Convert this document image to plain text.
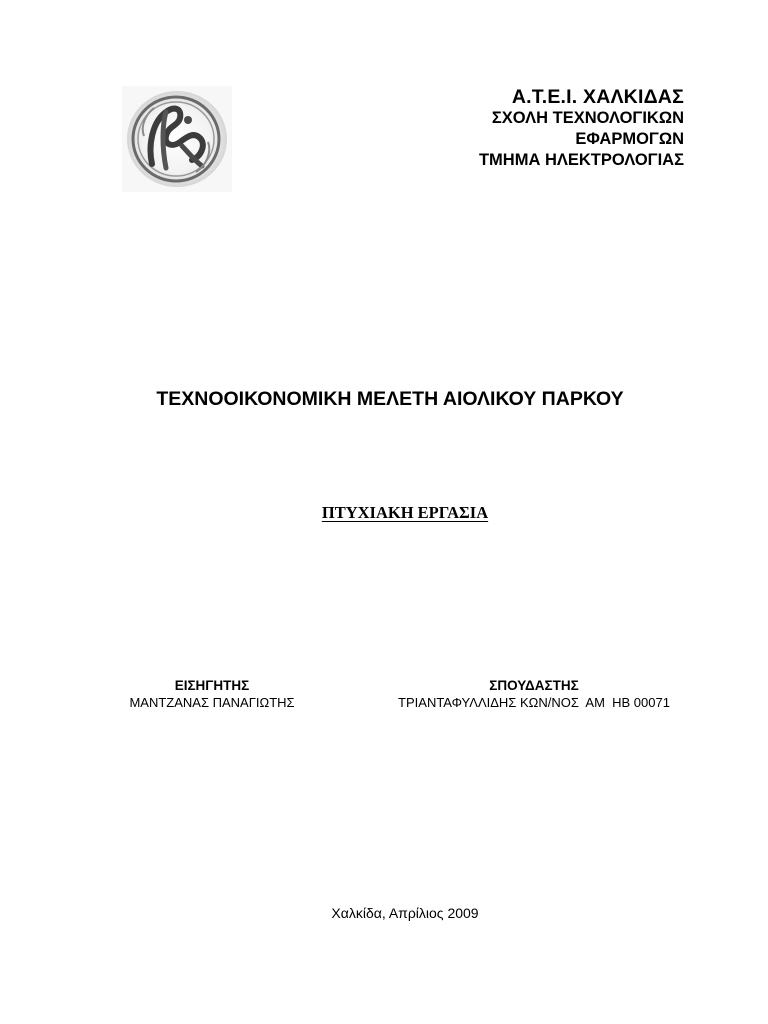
Α.Τ.Ε.Ι. ΧΑΛΚΙΔΑΣ
ΣΧΟΛΗ ΤΕΧΝΟΛΟΓΙΚΩΝ
ΕΦΑΡΜΟΓΩΝ
ΤΜΗΜΑ ΗΛΕΚΤΡΟΛΟΓΙΑΣ
ΤΕΧΝΟΟΙΚΟΝΟΜΙΚΗ ΜΕΛΕΤΗ ΑΙΟΛΙΚΟΥ ΠΑΡΚΟΥ
ΠΤΥΧΙΑΚΗ ΕΡΓΑΣΙΑ
ΕΙΣΗΓΗΤΗΣ
ΜΑΝΤΖΑΝΑΣ ΠΑΝΑΓΙΩΤΗΣ
ΣΠΟΥΔΑΣΤΗΣ
ΤΡΙΑΝΤΑΦΥΛΛΙΔΗΣ ΚΩΝ/ΝΟΣ  ΑΜ  ΗΒ 00071
Χαλκίδα, Απρίλιος 2009
